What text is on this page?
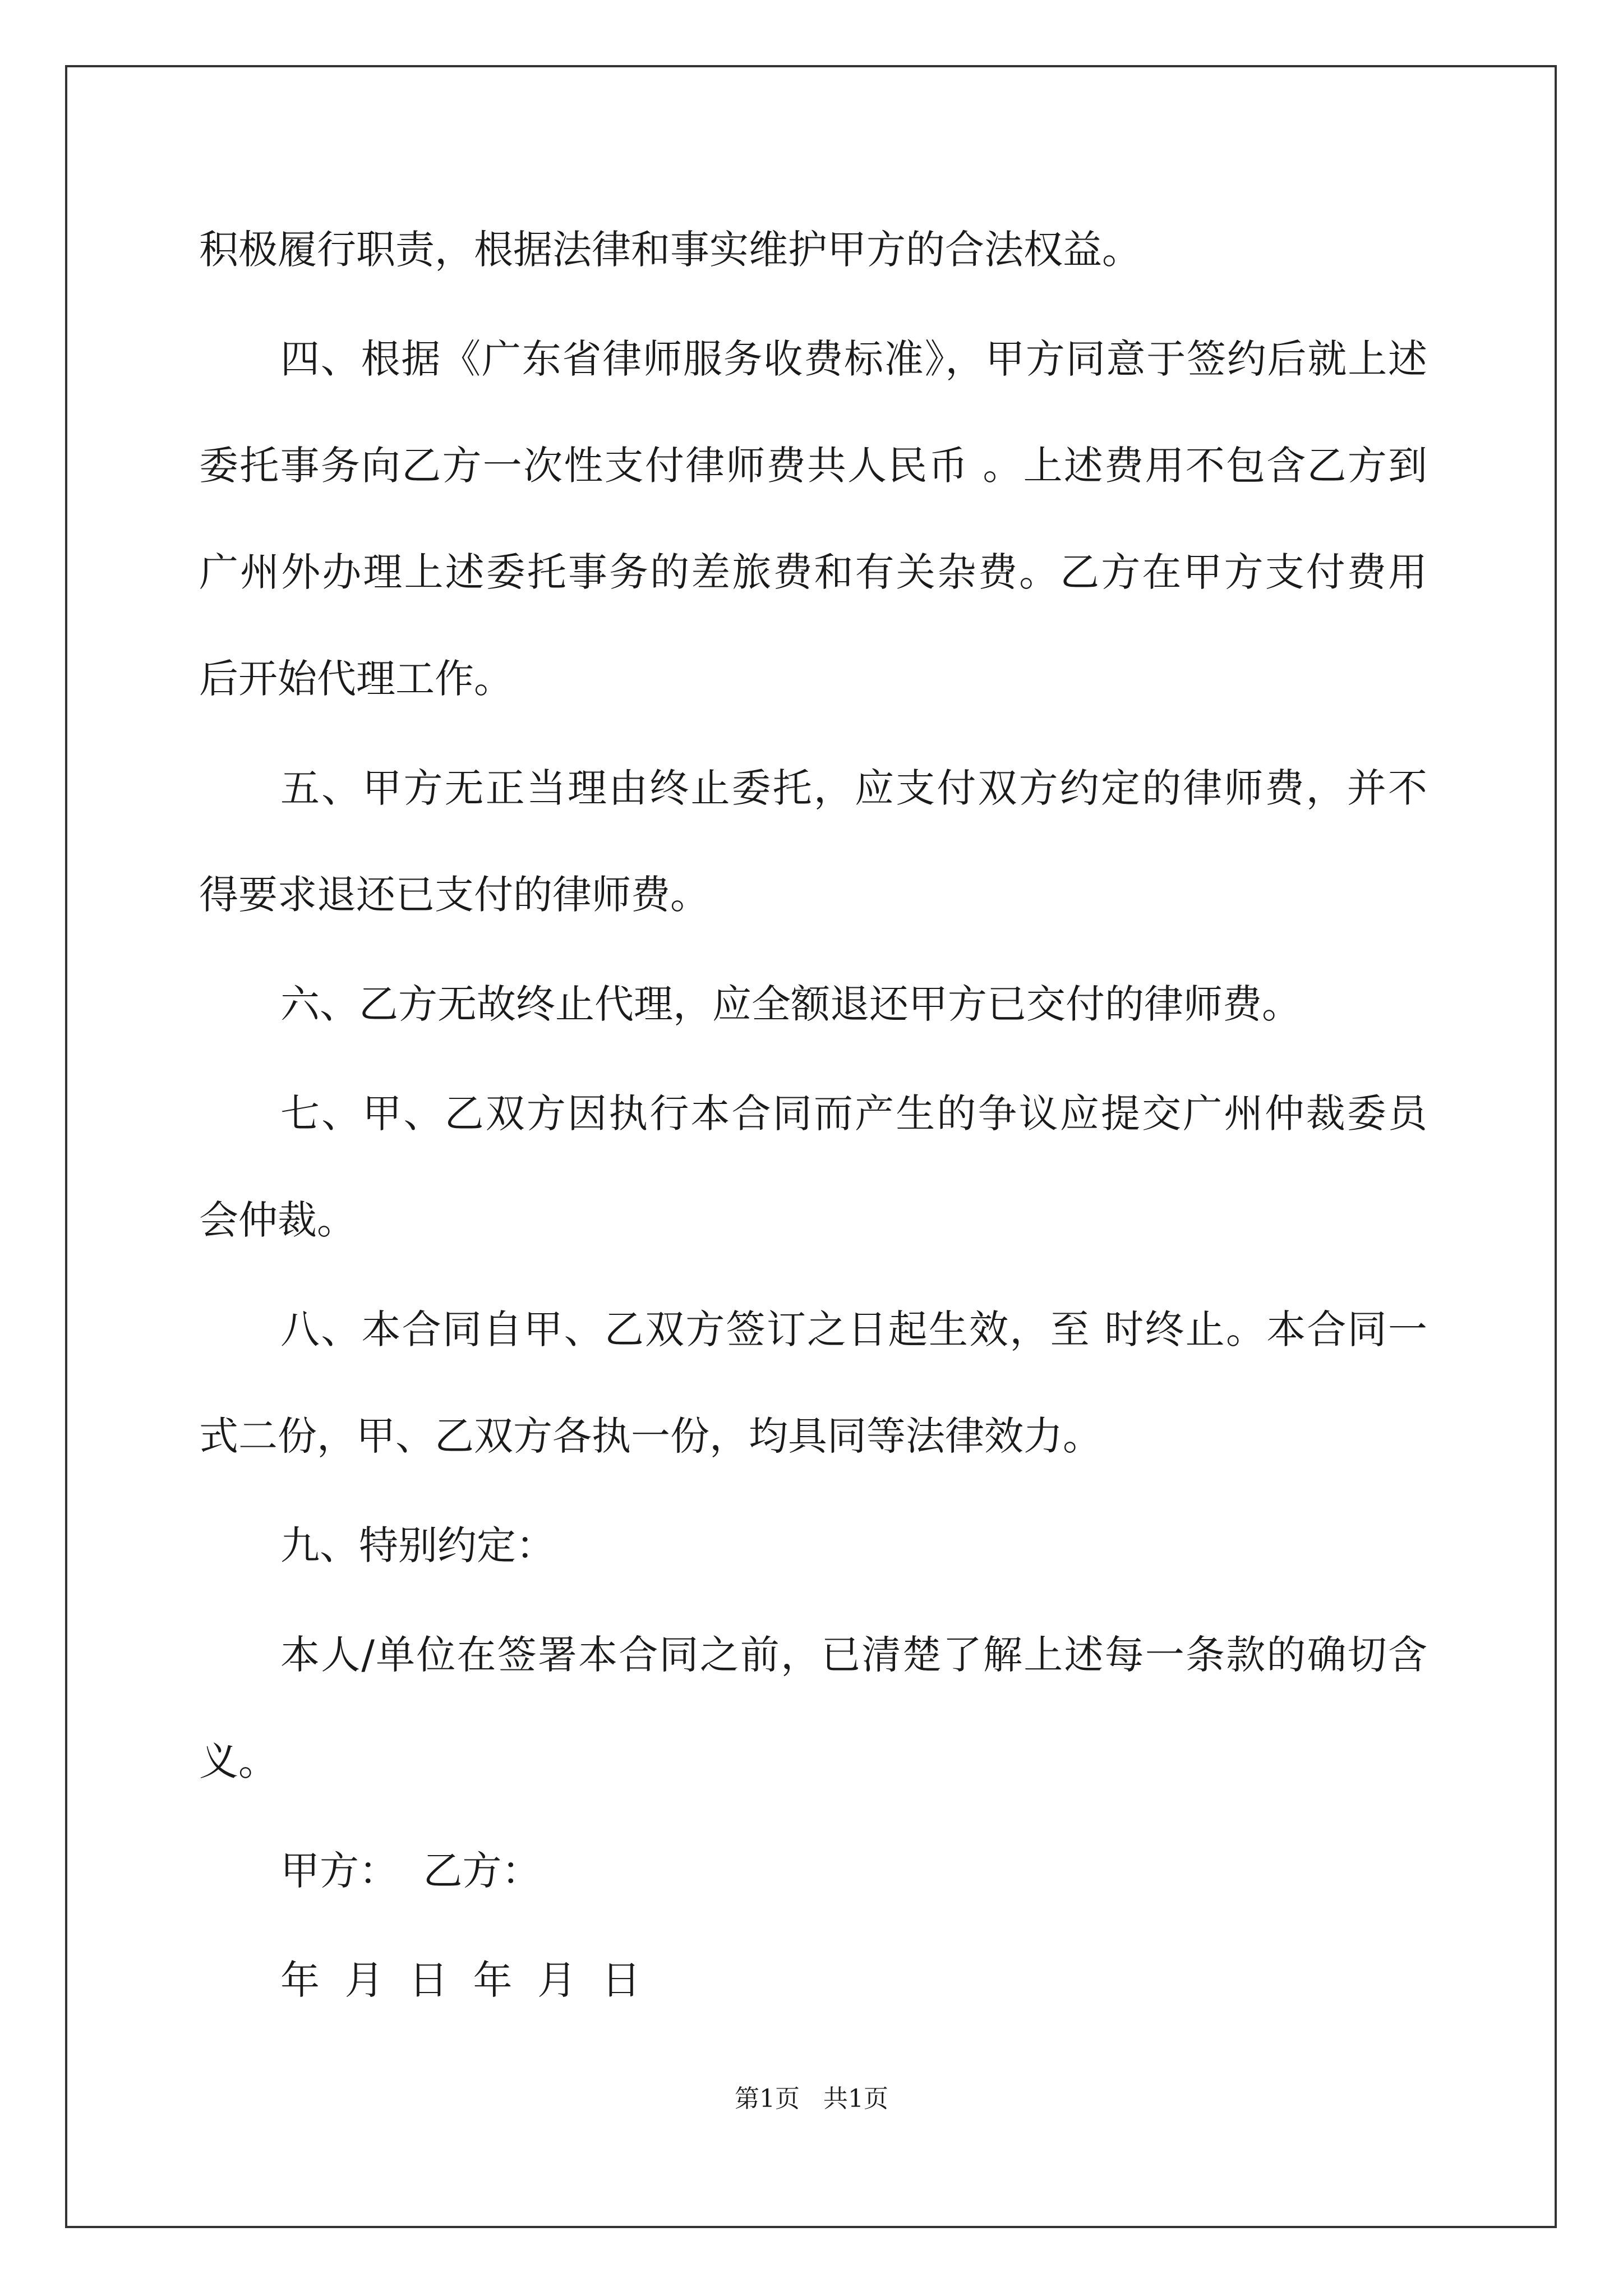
积极履行职责，根据法律和事实维护甲方的合法权益。
四、根据《广东省律师服务收费标准》，甲方同意于签约后就上述
委托事务向乙方一次性支付律师费共人民币 。上述费用不包含乙方到
广州外办理上述委托事务的差旅费和有关杂费。乙方在甲方支付费用
后开始代理工作。
五、甲方无正当理由终止委托，应支付双方约定的律师费，并不
得要求退还已支付的律师费。
六、乙方无故终止代理，应全额退还甲方已交付的律师费。
七、甲、乙双方因执行本合同而产生的争议应提交广州仲裁委员
会仲裁。
八、本合同自甲、乙双方签订之日起生效，至 时终止。本合同一
式二份，甲、乙双方各执一份，均具同等法律效力。
九、特别约定：
本人/单位在签署本合同之前，已清楚了解上述每一条款的确切含
义。
甲方：  乙方：
年  月  日  年  月  日
第1页   共1页
